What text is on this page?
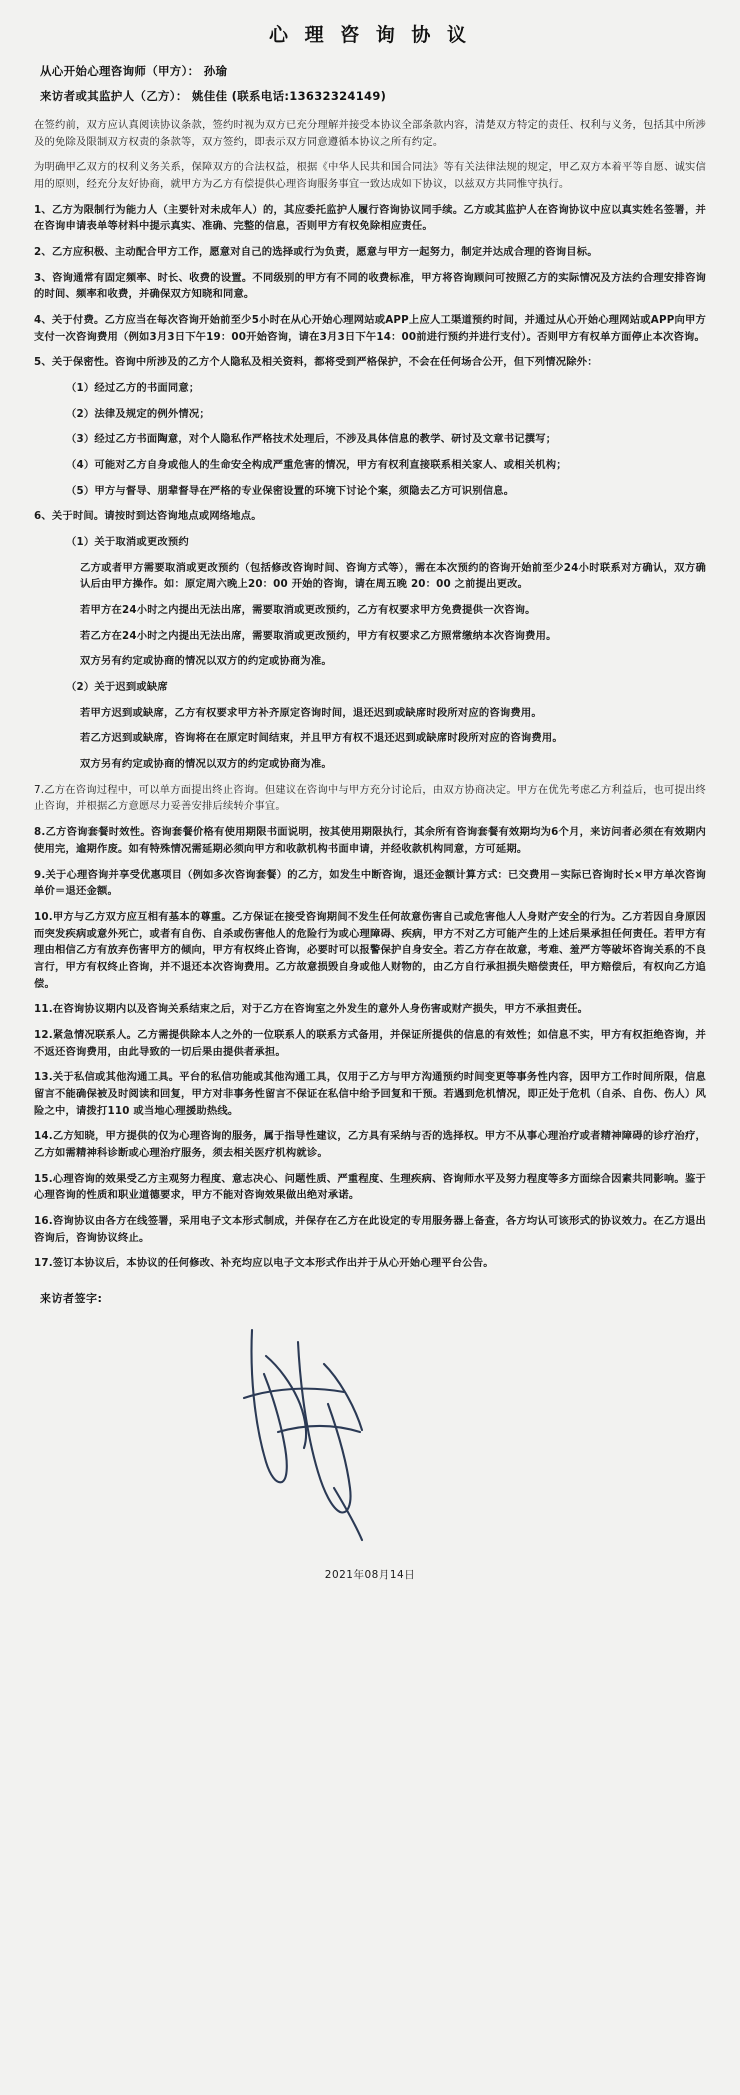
心 理 咨 询 协 议
从心开始心理咨询师（甲方）： 孙瑜
来访者或其监护人（乙方）： 姚佳佳 (联系电话:13632324149)

在签约前，双方应认真阅读协议条款，签约时视为双方已充分理解并接受本协议全部条款内容，清楚双方特定的责任、权利与义务，包括其中所涉及的免除及限制双方权责的条款等，双方签约，即表示双方同意遵循本协议之所有约定。

为明确甲乙双方的权利义务关系，保障双方的合法权益，根据《中华人民共和国合同法》等有关法律法规的规定，甲乙双方本着平等自愿、诚实信用的原则，经充分友好协商，就甲方为乙方有偿提供心理咨询服务事宜一致达成如下协议，以兹双方共同惟守执行。

1、乙方为限制行为能力人（主要针对未成年人）的，其应委托监护人履行咨询协议同手续。乙方或其监护人在咨询协议中应以真实姓名签署，并在咨询申请表单等材料中提示真实、准确、完整的信息，否则甲方有权免除相应责任。

2、乙方应积极、主动配合甲方工作，愿意对自己的选择或行为负责，愿意与甲方一起努力，制定并达成合理的咨询目标。

3、咨询通常有固定频率、时长、收费的设置。不同级别的甲方有不同的收费标准，甲方将咨询顾问可按照乙方的实际情况及方法约合理安排咨询的时间、频率和收费，并确保双方知晓和同意。

4、关于付费。乙方应当在每次咨询开始前至少5小时在从心开始心理网站或APP上应人工渠道预约时间，并通过从心开始心理网站或APP向甲方支付一次咨询费用（例如3月3日下午19：00开始咨询，请在3月3日下午14：00前进行预约并进行支付）。否则甲方有权单方面停止本次咨询。

5、关于保密性。咨询中所涉及的乙方个人隐私及相关资料，都将受到严格保护，不会在任何场合公开，但下列情况除外：

（1）经过乙方的书面同意；

（2）法律及规定的例外情况；

（3）经过乙方书面陶意，对个人隐私作严格技术处理后，不涉及具体信息的教学、研讨及文章书记撰写；

（4）可能对乙方自身或他人的生命安全构成严重危害的情况，甲方有权利直接联系相关家人、或相关机构；

（5）甲方与督导、朋辈督导在严格的专业保密设置的环境下讨论个案，须隐去乙方可识别信息。

6、关于时间。请按时到达咨询地点或网络地点。

（1）关于取消或更改预约

乙方或者甲方需要取消或更改预约（包括修改咨询时间、咨询方式等），需在本次预约的咨询开始前至少24小时联系对方确认，双方确认后由甲方操作。如：原定周六晚上20：00 开始的咨询，请在周五晚 20：00 之前提出更改。

若甲方在24小时之内提出无法出席，需要取消或更改预约，乙方有权要求甲方免费提供一次咨询。

若乙方在24小时之内提出无法出席，需要取消或更改预约，甲方有权要求乙方照常缴纳本次咨询费用。

双方另有约定或协商的情况以双方的约定或协商为准。

（2）关于迟到或缺席

若甲方迟到或缺席，乙方有权要求甲方补齐原定咨询时间，退还迟到或缺席时段所对应的咨询费用。

若乙方迟到或缺席，咨询将在在原定时间结束，并且甲方有权不退还迟到或缺席时段所对应的咨询费用。

双方另有约定或协商的情况以双方的约定或协商为准。

7.乙方在咨询过程中，可以单方面提出终止咨询。但建议在咨询中与甲方充分讨论后，由双方协商决定。甲方在优先考虑乙方利益后，也可提出终止咨询，并根据乙方意愿尽力妥善安排后续转介事宜。

8.乙方咨询套餐时效性。咨询套餐价格有使用期限书面说明，按其使用期限执行，其余所有咨询套餐有效期均为6个月，来访问者必须在有效期内使用完，逾期作废。如有特殊情况需延期必须向甲方和收款机构书面申请，并经收款机构同意，方可延期。

9.关于心理咨询并享受优惠项目（例如多次咨询套餐）的乙方，如发生中断咨询，退还金额计算方式：已交费用－实际已咨询时长×甲方单次咨询单价＝退还金额。

10.甲方与乙方双方应互相有基本的尊重。乙方保证在接受咨询期间不发生任何故意伤害自己或危害他人人身财产安全的行为。乙方若因自身原因而突发疾病或意外死亡，或者有自伤、自杀或伤害他人的危险行为或心理障碍、疾病，甲方不对乙方可能产生的上述后果承担任何责任。若甲方有理由相信乙方有放弃伤害甲方的倾向，甲方有权终止咨询，必要时可以报警保护自身安全。若乙方存在故意，考难、羞严方等破坏咨询关系的不良言行，甲方有权终止咨询，并不退还本次咨询费用。乙方故意损毁自身或他人财物的，由乙方自行承担损失赔偿责任，甲方赔偿后，有权向乙方追偿。

11.在咨询协议期内以及咨询关系结束之后，对于乙方在咨询室之外发生的意外人身伤害或财产损失，甲方不承担责任。

12.紧急情况联系人。乙方需提供除本人之外的一位联系人的联系方式备用，并保证所提供的信息的有效性；如信息不实，甲方有权拒绝咨询，并不返还咨询费用，由此导致的一切后果由提供者承担。

13.关于私信或其他沟通工具。平台的私信功能或其他沟通工具，仅用于乙方与甲方沟通预约时间变更等事务性内容，因甲方工作时间所限，信息留言不能确保被及时阅读和回复，甲方对非事务性留言不保证在私信中给予回复和干预。若遇到危机情况，即正处于危机（自杀、自伤、伤人）风险之中，请拨打110 或当地心理援助热线。

14.乙方知晓，甲方提供的仅为心理咨询的服务，属于指导性建议，乙方具有采纳与否的选择权。甲方不从事心理治疗或者精神障碍的诊疗治疗，乙方如需精神科诊断或心理治疗服务，须去相关医疗机构就诊。

15.心理咨询的效果受乙方主观努力程度、意志决心、问题性质、严重程度、生理疾病、咨询师水平及努力程度等多方面综合因素共同影响。鉴于心理咨询的性质和职业道德要求，甲方不能对咨询效果做出绝对承诺。

16.咨询协议由各方在线签署，采用电子文本形式制成，并保存在乙方在此设定的专用服务器上备查，各方均认可该形式的协议效力。在乙方退出咨询后，咨询协议终止。

17.签订本协议后，本协议的任何修改、补充均应以电子文本形式作出并于从心开始心理平台公告。

来访者签字:
2021年08月14日
